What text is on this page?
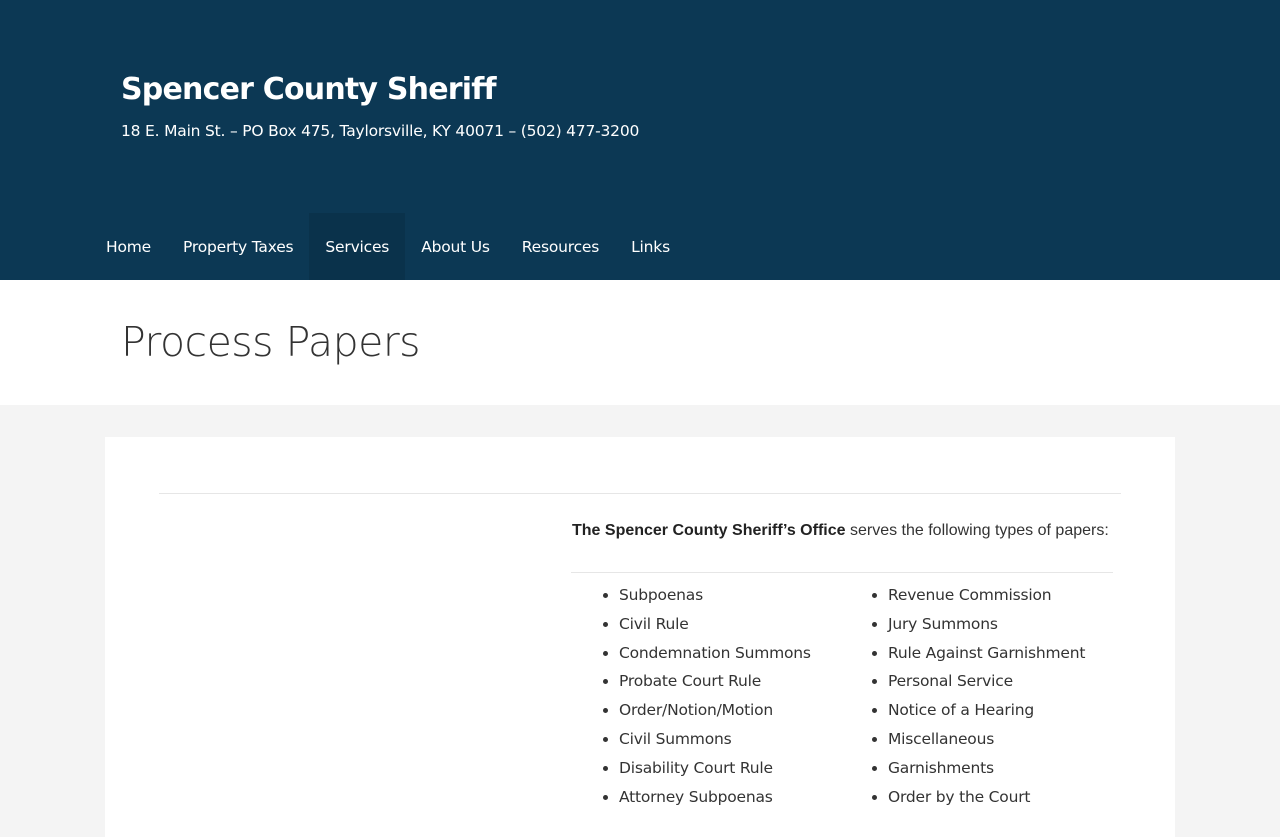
Spencer County Sheriff
18 E. Main St. – PO Box 475, Taylorsville, KY 40071 – (502) 477-3200
Home	Property Taxes	Services	About Us	Resources	Links
Process Papers

The Spencer County Sheriff’s Office serves the following types of papers:

• Subpoenas
• Civil Rule
• Condemnation Summons
• Probate Court Rule
• Order/Notion/Motion
• Civil Summons
• Disability Court Rule
• Attorney Subpoenas
• Revenue Commission
• Jury Summons
• Rule Against Garnishment
• Personal Service
• Notice of a Hearing
• Miscellaneous
• Garnishments
• Order by the Court
